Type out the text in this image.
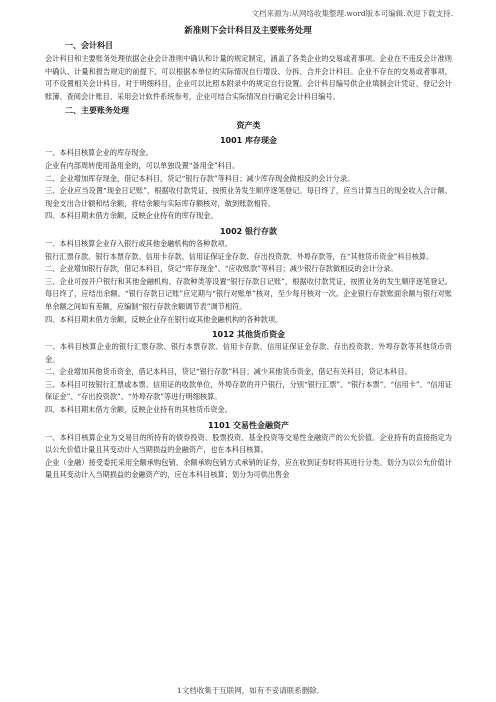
文档来源为:从网络收集整理.word版本可编辑.欢迎下载支持.
新准则下会计科目及主要账务处理
一、会计科目

会计科目和主要账务处理依据企业会计准则中确认和计量的规定制定，涵盖了各类企业的交易或者事项。企业在不违反会计准则中确认、计量和报告规定的前提下，可以根据本单位的实际情况自行增设、分拆、合并会计科目。企业不存在的交易或者事项，可不设置相关会计科目。对于明细科目，企业可以比照本附录中的规定自行设置。会计科目编号供企业填制会计凭证、登记会计账簿、查阅会计账目、采用会计软件系统参考，企业可结合实际情况自行确定会计科目编号。

二、主要账务处理
资产类
1001 库存现金

一、本科目核算企业的库存现金。

企业有内部周转使用备用金的，可以单独设置“备用金”科目。

二、企业增加库存现金，借记本科目，贷记“银行存款”等科目；减少库存现金做相反的会计分录。

三、企业应当设置“现金日记账”，根据收付款凭证，按照业务发生顺序逐笔登记。每日终了，应当计算当日的现金收入合计额、现金支出合计额和结余额，将结余额与实际库存额核对，做到账款相符。

四、本科目期末借方余额，反映企业持有的库存现金。

1002 银行存款

一、本科目核算企业存入银行或其他金融机构的各种款项。

银行汇票存款、银行本票存款、信用卡存款、信用证保证金存款、存出投资款、外埠存款等，在“其他货币资金”科目核算。

二、企业增加银行存款，借记本科目，贷记“库存现金”、“应收账款”等科目；减少银行存款做相反的会计分录。

三、企业可按开户银行和其他金融机构、存款种类等设置“银行存款日记账”，根据收付款凭证，按照业务的发生顺序逐笔登记。每日终了，应结出余额。“银行存款日记账”应定期与“银行对账单”核对，至少每月核对一次。企业银行存款账面余额与银行对账单余额之间如有差额，应编制“银行存款余额调节表”调节相符。

四、本科目期末借方余额，反映企业存在银行或其他金融机构的各种款项。

1012 其他货币资金

一、本科目核算企业的银行汇票存款、银行本票存款、信用卡存款、信用证保证金存款、存出投资款、外埠存款等其他货币资金。

二、企业增加其他货币资金，借记本科目，贷记“银行存款”科目；减少其他货币资金，借记有关科目，贷记本科目。

三、本科目可按银行汇票或本票、信用证的收款单位，外埠存款的开户银行，分别“银行汇票”、“银行本票”、“信用卡”、“信用证保证金”、“存出投资款”、“外埠存款”等进行明细核算。

四、本科目期末借方余额，反映企业持有的其他货币资金。

1101 交易性金融资产

一、本科目核算企业为交易目的所持有的债券投资、股票投资、基金投资等交易性金融资产的公允价值。企业持有的直接指定为以公允价值计量且其变动计入当期损益的金融资产，也在本科目核算。

企业（金融）接受委托采用全额承购包销、余额承购包销方式承销的证券，应在收到证券时将其进行分类。划分为以公允价值计量且其变动计入当期损益的金融资产的，应在本科目核算；划分为可供出售金

1文档收集于互联网，如有不妥请联系删除.
